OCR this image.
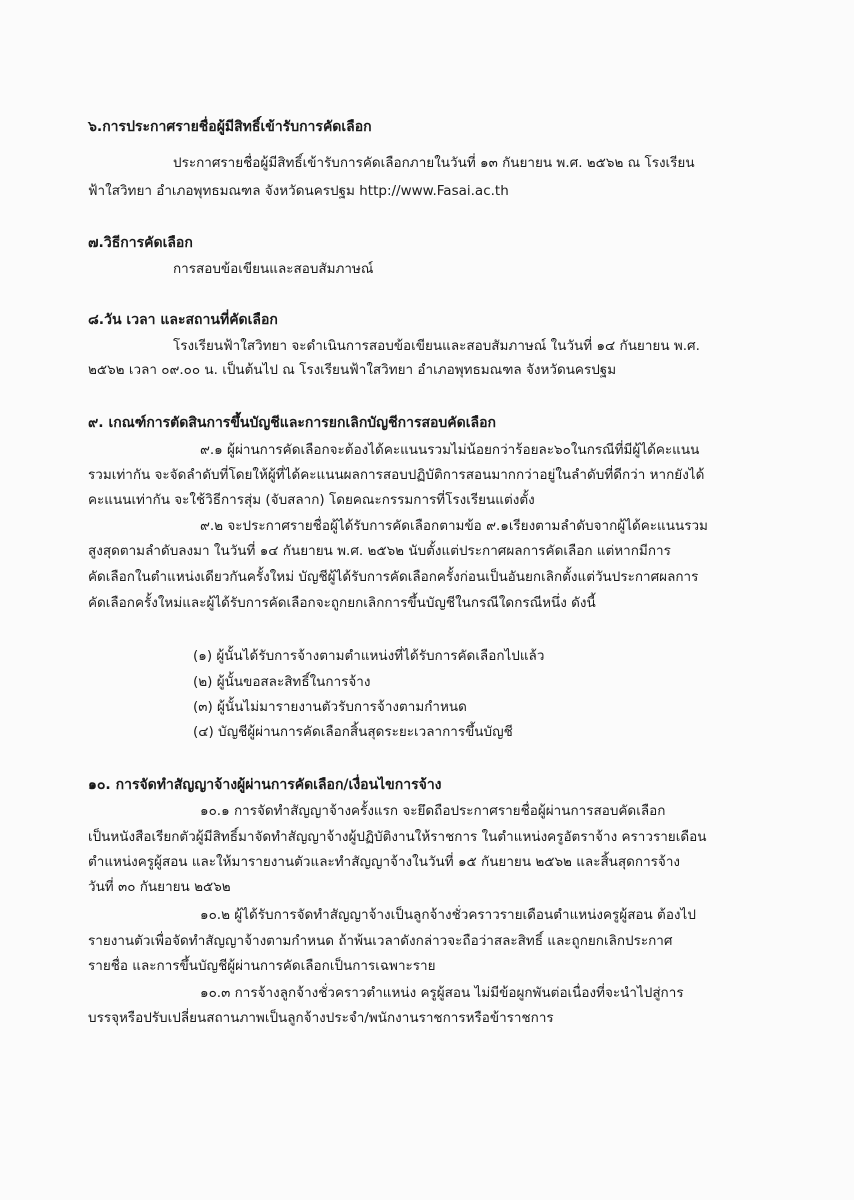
๖.การประกาศรายชื่อผู้มีสิทธิ์เข้ารับการคัดเลือก
ประกาศรายชื่อผู้มีสิทธิ์เข้ารับการคัดเลือกภายในวันที่ ๑๓ กันยายน พ.ศ. ๒๕๖๒ ณ โรงเรียน
ฟ้าใสวิทยา อำเภอพุทธมณฑล จังหวัดนครปฐม http://www.Fasai.ac.th
๗.วิธีการคัดเลือก
การสอบข้อเขียนและสอบสัมภาษณ์
๘.วัน เวลา และสถานที่คัดเลือก
โรงเรียนฟ้าใสวิทยา จะดำเนินการสอบข้อเขียนและสอบสัมภาษณ์ ในวันที่ ๑๔ กันยายน พ.ศ.
๒๕๖๒ เวลา ๐๙.๐๐ น. เป็นต้นไป ณ โรงเรียนฟ้าใสวิทยา อำเภอพุทธมณฑล จังหวัดนครปฐม
๙. เกณฑ์การตัดสินการขึ้นบัญชีและการยกเลิกบัญชีการสอบคัดเลือก
๙.๑ ผู้ผ่านการคัดเลือกจะต้องได้คะแนนรวมไม่น้อยกว่าร้อยละ๖๐ในกรณีที่มีผู้ได้คะแนน
รวมเท่ากัน จะจัดลำดับที่โดยให้ผู้ที่ได้คะแนนผลการสอบปฏิบัติการสอนมากกว่าอยู่ในลำดับที่ดีกว่า หากยังได้
คะแนนเท่ากัน จะใช้วิธีการสุ่ม (จับสลาก) โดยคณะกรรมการที่โรงเรียนแต่งตั้ง
๙.๒ จะประกาศรายชื่อผู้ได้รับการคัดเลือกตามข้อ ๙.๑เรียงตามลำดับจากผู้ได้คะแนนรวม
สูงสุดตามลำดับลงมา ในวันที่ ๑๔ กันยายน พ.ศ. ๒๕๖๒ นับตั้งแต่ประกาศผลการคัดเลือก แต่หากมีการ
คัดเลือกในตำแหน่งเดียวกันครั้งใหม่ บัญชีผู้ได้รับการคัดเลือกครั้งก่อนเป็นอันยกเลิกตั้งแต่วันประกาศผลการ
คัดเลือกครั้งใหม่และผู้ได้รับการคัดเลือกจะถูกยกเลิกการขึ้นบัญชีในกรณีใดกรณีหนึ่ง ดังนี้
(๑) ผู้นั้นได้รับการจ้างตามตำแหน่งที่ได้รับการคัดเลือกไปแล้ว
(๒) ผู้นั้นขอสละสิทธิ์ในการจ้าง
(๓) ผู้นั้นไม่มารายงานตัวรับการจ้างตามกำหนด
(๔) บัญชีผู้ผ่านการคัดเลือกสิ้นสุดระยะเวลาการขึ้นบัญชี
๑๐. การจัดทำสัญญาจ้างผู้ผ่านการคัดเลือก/เงื่อนไขการจ้าง
๑๐.๑ การจัดทำสัญญาจ้างครั้งแรก จะยึดถือประกาศรายชื่อผู้ผ่านการสอบคัดเลือก
เป็นหนังสือเรียกตัวผู้มีสิทธิ์มาจัดทำสัญญาจ้างผู้ปฏิบัติงานให้ราชการ ในตำแหน่งครูอัตราจ้าง คราวรายเดือน
ตำแหน่งครูผู้สอน และให้มารายงานตัวและทำสัญญาจ้างในวันที่ ๑๕ กันยายน ๒๕๖๒ และสิ้นสุดการจ้าง
วันที่ ๓๐ กันยายน ๒๕๖๒
๑๐.๒ ผู้ได้รับการจัดทำสัญญาจ้างเป็นลูกจ้างชั่วคราวรายเดือนตำแหน่งครูผู้สอน ต้องไป
รายงานตัวเพื่อจัดทำสัญญาจ้างตามกำหนด ถ้าพ้นเวลาดังกล่าวจะถือว่าสละสิทธิ์ และถูกยกเลิกประกาศ
รายชื่อ และการขึ้นบัญชีผู้ผ่านการคัดเลือกเป็นการเฉพาะราย
๑๐.๓ การจ้างลูกจ้างชั่วคราวตำแหน่ง ครูผู้สอน ไม่มีข้อผูกพันต่อเนื่องที่จะนำไปสู่การ
บรรจุหรือปรับเปลี่ยนสถานภาพเป็นลูกจ้างประจำ/พนักงานราชการหรือข้าราชการ
